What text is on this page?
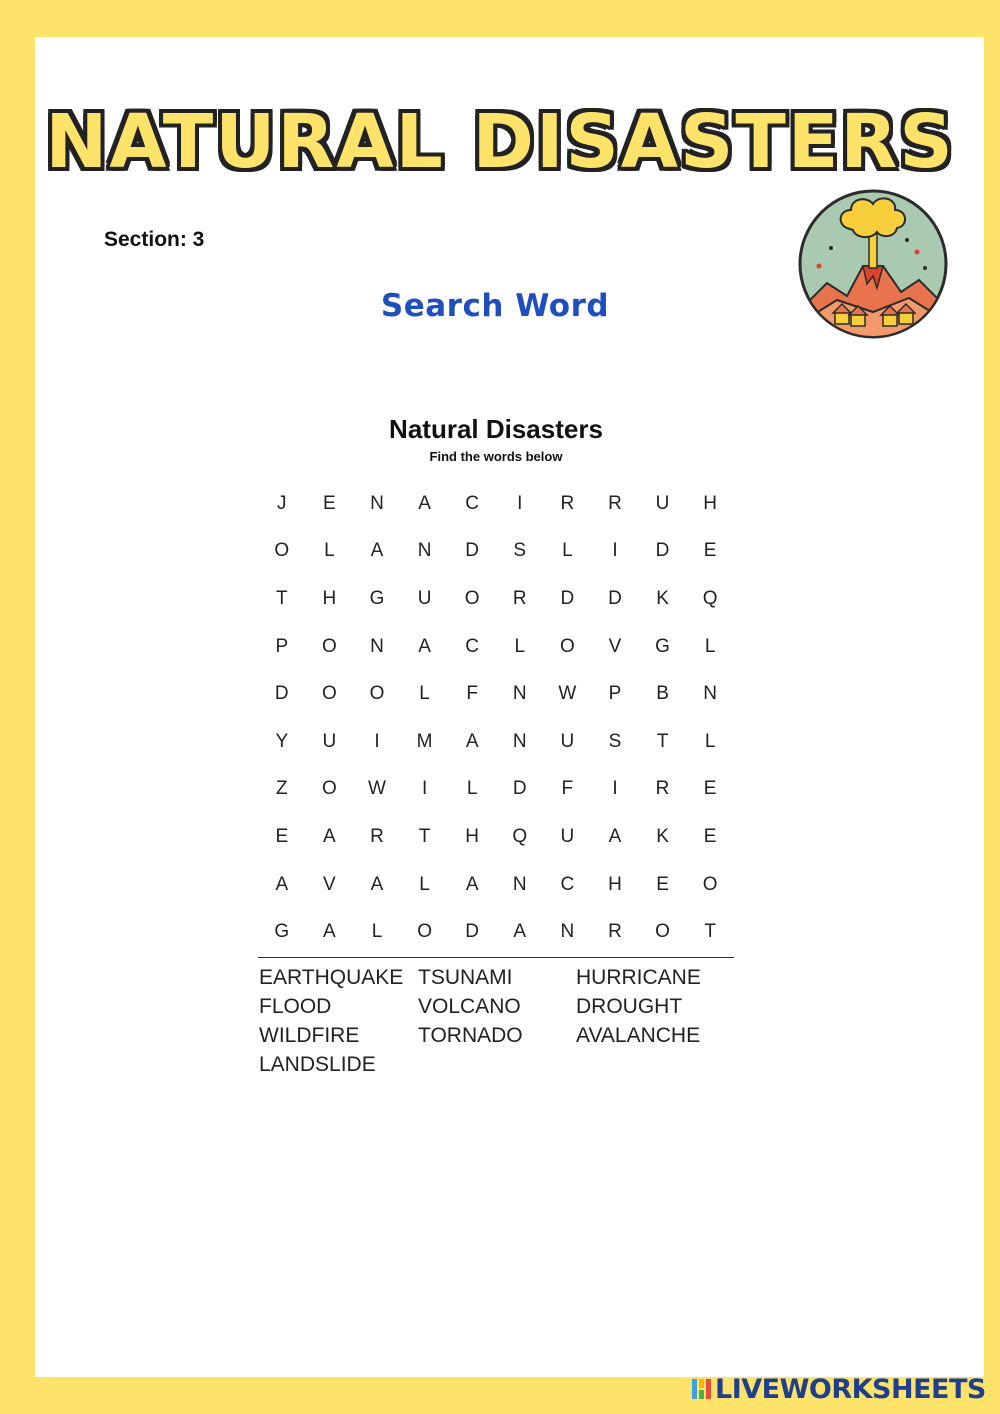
NATURAL DISASTERS
Section: 3
Search Word
Natural Disasters
Find the words below
J	E	N	A	C	I	R	R	U	H
O	L	A	N	D	S	L	I	D	E
T	H	G	U	O	R	D	D	K	Q
P	O	N	A	C	L	O	V	G	L
D	O	O	L	F	N	W	P	B	N
Y	U	I	M	A	N	U	S	T	L
Z	O	W	I	L	D	F	I	R	E
E	A	R	T	H	Q	U	A	K	E
A	V	A	L	A	N	C	H	E	O
G	A	L	O	D	A	N	R	O	T
EARTHQUAKE TSUNAMI	HURRICANE
FLOOD	VOLCANO	DROUGHT
WILDFIRE	TORNADO	AVALANCHE
LANDSLIDE
LIVEWORKSHEETS
